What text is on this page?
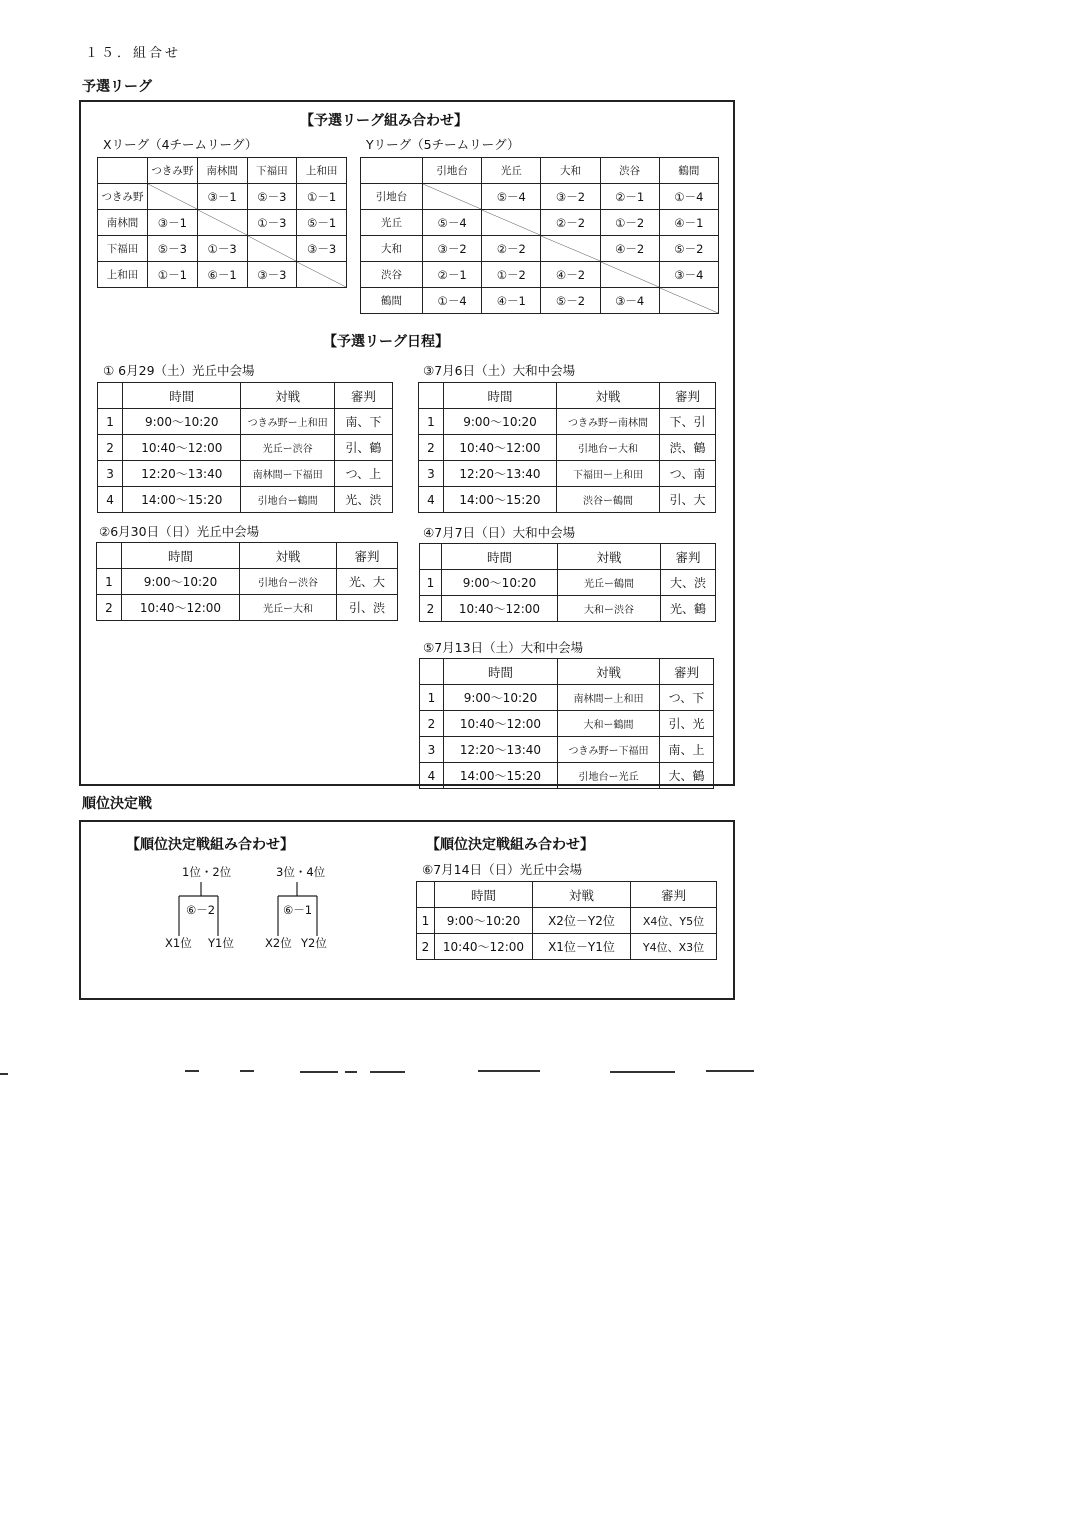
１５．組合せ
予選リーグ
【予選リーグ組み合わせ】
Xリーグ（4チームリーグ）	Yリーグ（5チームリーグ）
	つきみ野	南林間	下福田	上和田
つきみ野		③－1	⑤－3	①－1
南林間	③－1		①－3	⑤－1
下福田	⑤－3	①－3		③－3
上和田	①－1	⑥－1	③－3	
	引地台	光丘	大和	渋谷	鶴間
引地台		⑤－4	③－2	②－1	①－4
光丘	⑤－4		②－2	①－2	④－1
大和	③－2	②－2		④－2	⑤－2
渋谷	②－1	①－2	④－2		③－4
鶴間	①－4	④－1	⑤－2	③－4	
【予選リーグ日程】
① 6月29（土）光丘中会場
	時間	対戦	審判
1	9:00～10:20	つきみ野ー上和田	南、下
2	10:40～12:00	光丘ー渋谷	引、鶴
3	12:20～13:40	南林間ー下福田	つ、上
4	14:00～15:20	引地台ー鶴間	光、渋
③7月6日（土）大和中会場
	時間	対戦	審判
1	9:00～10:20	つきみ野ー南林間	下、引
2	10:40～12:00	引地台ー大和	渋、鶴
3	12:20～13:40	下福田ー上和田	つ、南
4	14:00～15:20	渋谷ー鶴間	引、大
②6月30日（日）光丘中会場
	時間	対戦	審判
1	9:00～10:20	引地台ー渋谷	光、大
2	10:40～12:00	光丘ー大和	引、渋
④7月7日（日）大和中会場
	時間	対戦	審判
1	9:00～10:20	光丘ー鶴間	大、渋
2	10:40～12:00	大和ー渋谷	光、鶴
⑤7月13日（土）大和中会場
	時間	対戦	審判
1	9:00～10:20	南林間ー上和田	つ、下
2	10:40～12:00	大和ー鶴間	引、光
3	12:20～13:40	つきみ野ー下福田	南、上
4	14:00～15:20	引地台ー光丘	大、鶴
順位決定戦
【順位決定戦組み合わせ】	【順位決定戦組み合わせ】
1位・2位
⑥－2
X1位 Y1位
3位・4位
⑥－1
X2位 Y2位
⑥7月14日（日）光丘中会場
	時間	対戦	審判
1	9:00～10:20	X2位－Y2位	X4位、Y5位
2	10:40～12:00	X1位－Y1位	Y4位、X3位
